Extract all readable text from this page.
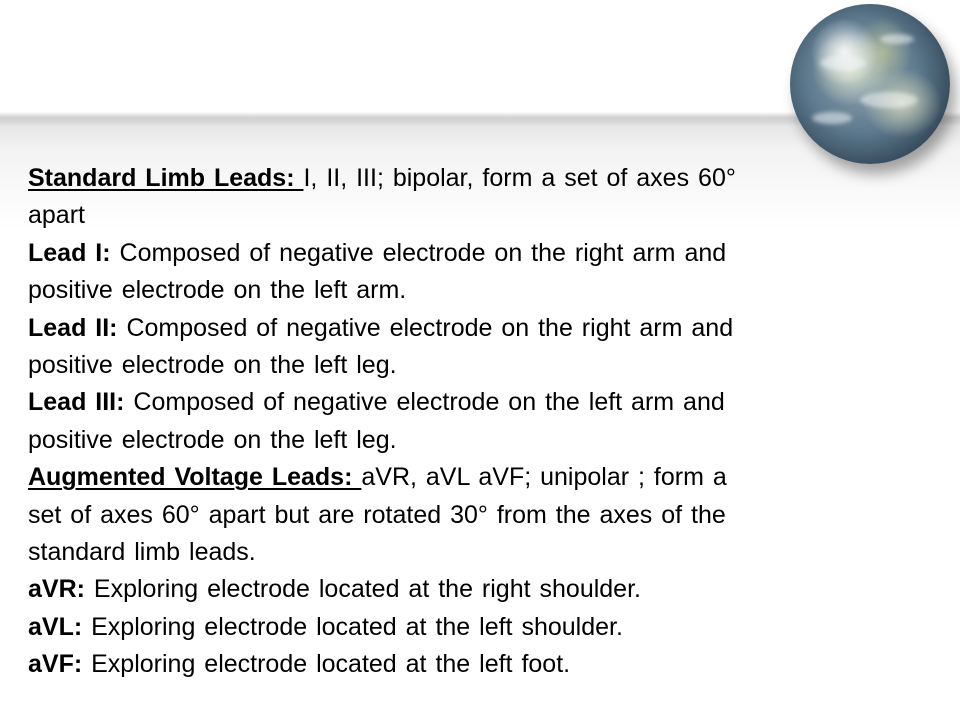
Standard Limb Leads: I, II, III; bipolar, form a set of axes 60°
apart
Lead I: Composed of negative electrode on the right arm and
positive electrode on the left arm.
Lead II: Composed of negative electrode on the right arm and
positive electrode on the left leg.
Lead III: Composed of negative electrode on the left arm and
positive electrode on the left leg.
Augmented Voltage Leads: aVR, aVL aVF; unipolar ; form a
set of axes 60° apart but are rotated 30° from the axes of the
standard limb leads.
aVR: Exploring electrode located at the right shoulder.
aVL: Exploring electrode located at the left shoulder.
aVF: Exploring electrode located at the left foot.
